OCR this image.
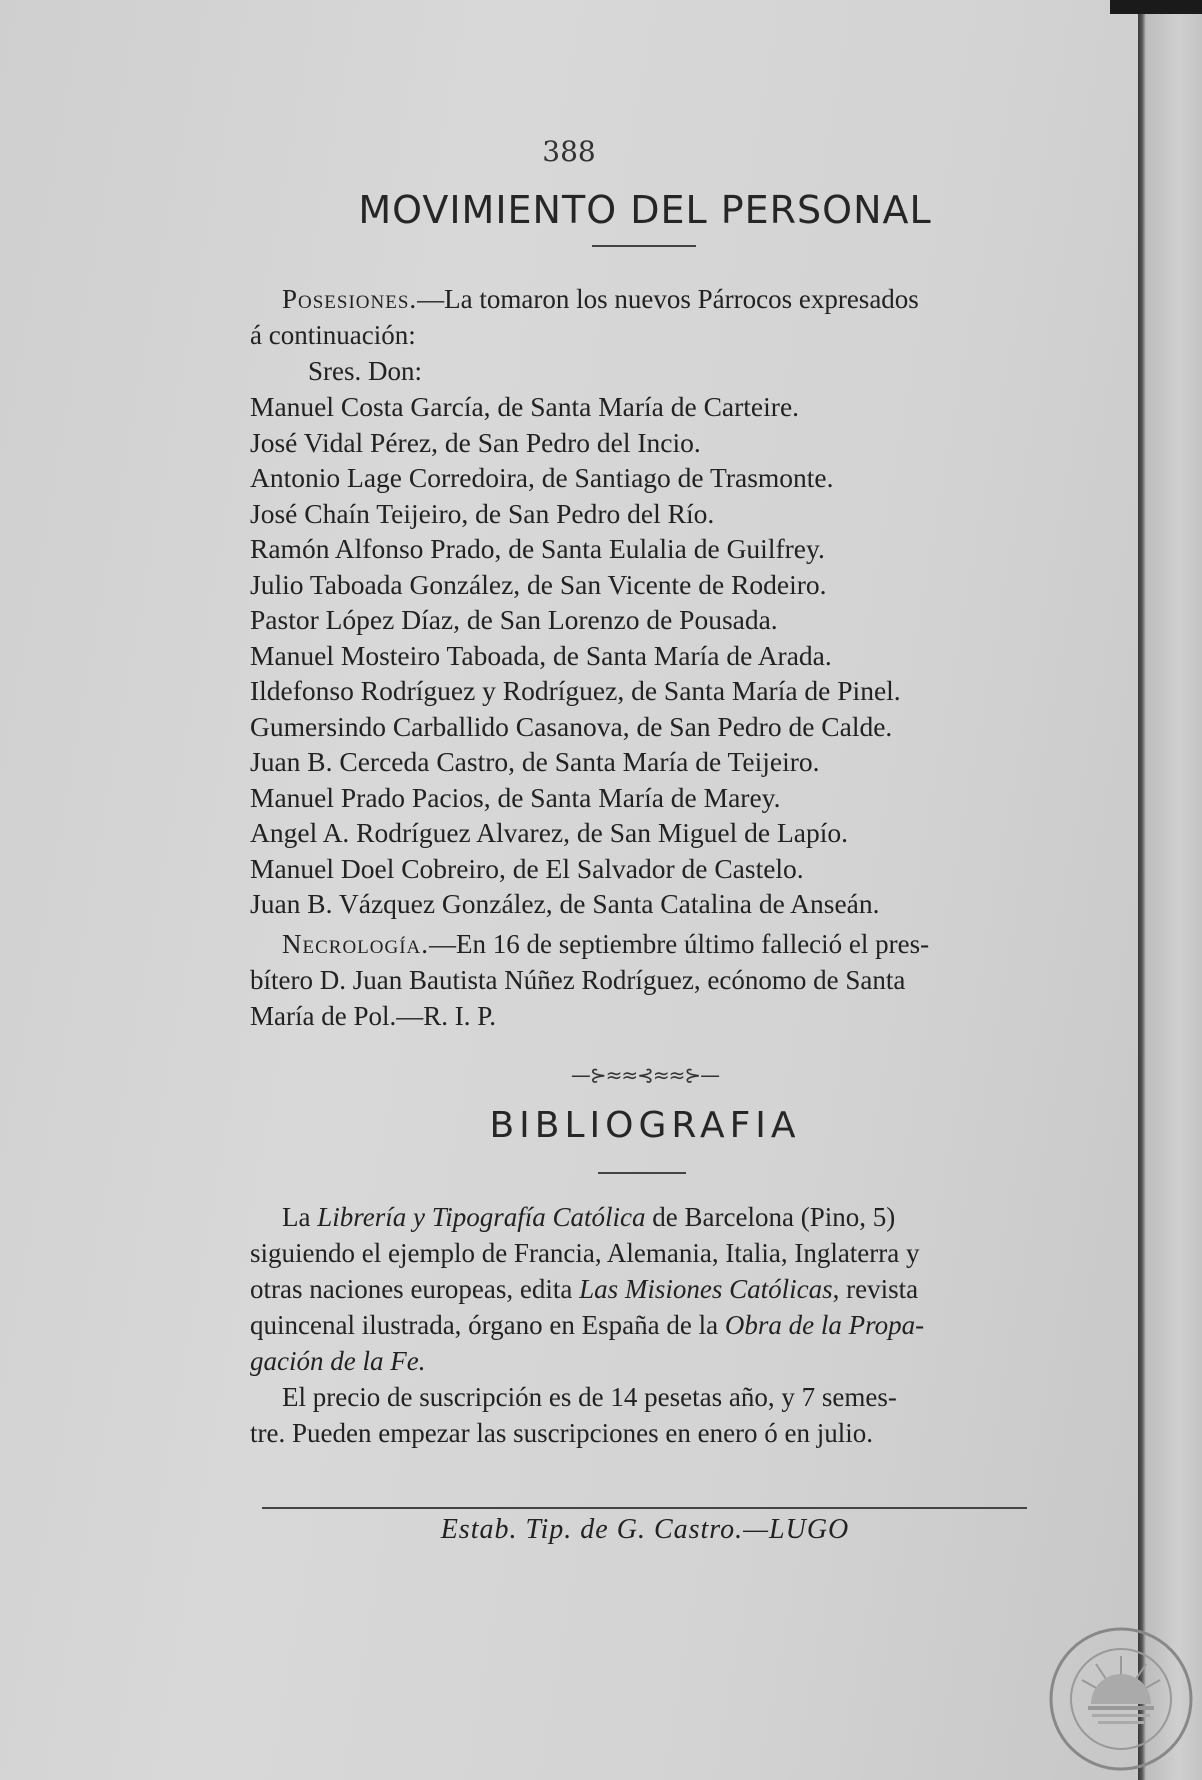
388
MOVIMIENTO DEL PERSONAL
Posesiones.—La tomaron los nuevos Párrocos expresados
á continuación:
Sres. Don:
Manuel Costa García, de Santa María de Carteire.
José Vidal Pérez, de San Pedro del Incio.
Antonio Lage Corredoira, de Santiago de Trasmonte.
José Chaín Teijeiro, de San Pedro del Río.
Ramón Alfonso Prado, de Santa Eulalia de Guilfrey.
Julio Taboada González, de San Vicente de Rodeiro.
Pastor López Díaz, de San Lorenzo de Pousada.
Manuel Mosteiro Taboada, de Santa María de Arada.
Ildefonso Rodríguez y Rodríguez, de Santa María de Pinel.
Gumersindo Carballido Casanova, de San Pedro de Calde.
Juan B. Cerceda Castro, de Santa María de Teijeiro.
Manuel Prado Pacios, de Santa María de Marey.
Angel A. Rodríguez Alvarez, de San Miguel de Lapío.
Manuel Doel Cobreiro, de El Salvador de Castelo.
Juan B. Vázquez González, de Santa Catalina de Anseán.
Necrología.—En 16 de septiembre último falleció el pres-
bítero D. Juan Bautista Núñez Rodríguez, ecónomo de Santa
María de Pol.—R. I. P.
—⊱≈≈⊰≈≈⊱—
BIBLIOGRAFIA
La Librería y Tipografía Católica de Barcelona (Pino, 5)
siguiendo el ejemplo de Francia, Alemania, Italia, Inglaterra y
otras naciones europeas, edita Las Misiones Católicas, revista
quincenal ilustrada, órgano en España de la Obra de la Propa-
gación de la Fe.
El precio de suscripción es de 14 pesetas año, y 7 semes-
tre. Pueden empezar las suscripciones en enero ó en julio.
Estab. Tip. de G. Castro.—LUGO
